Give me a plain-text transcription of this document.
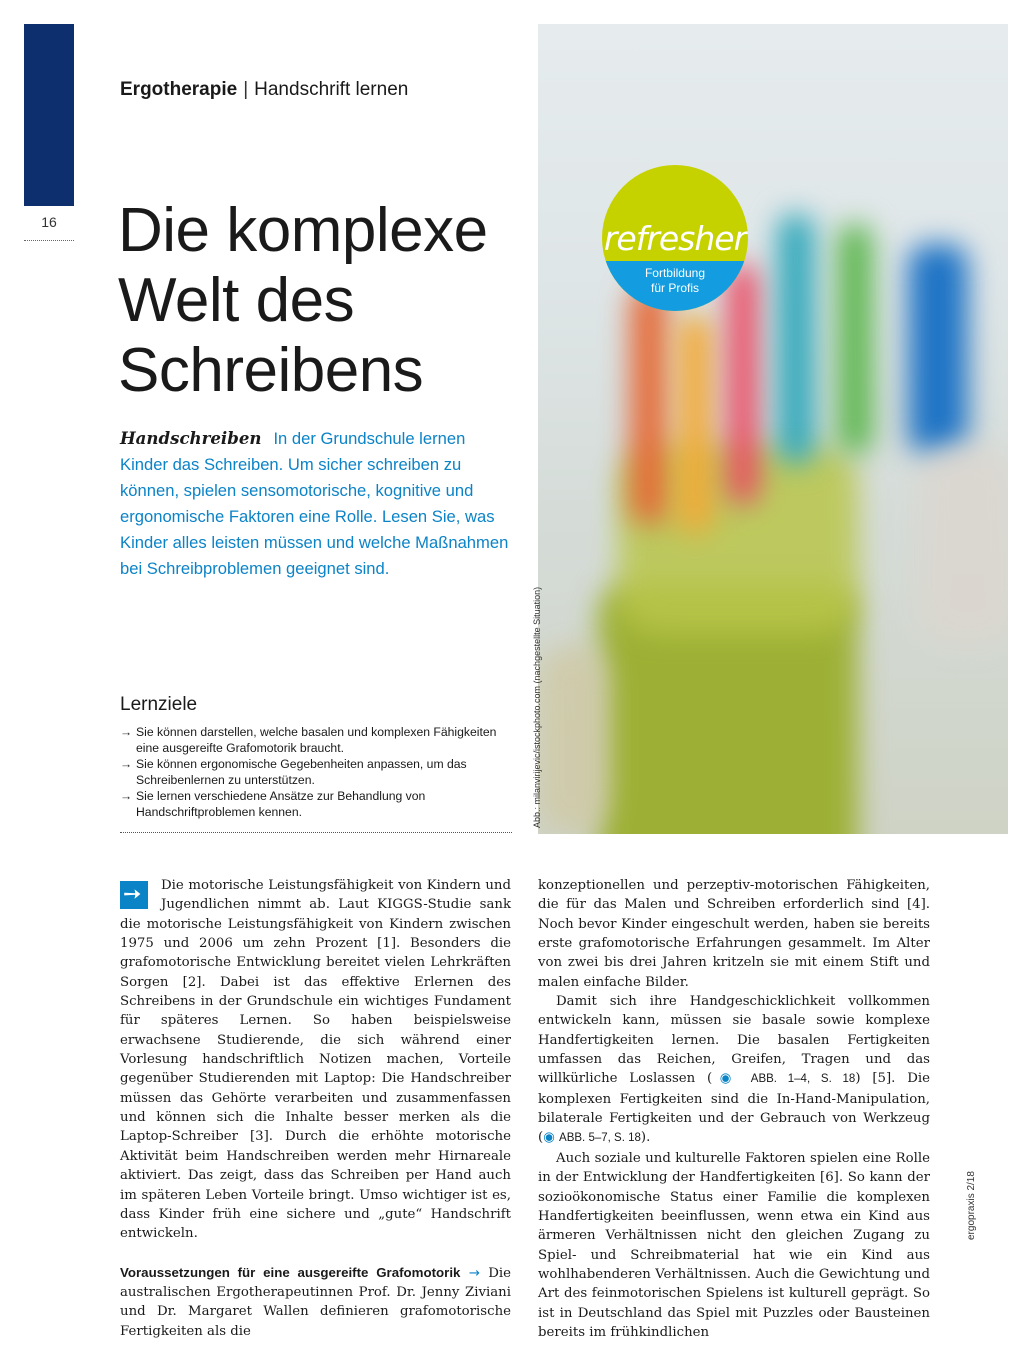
16
Ergotherapie | Handschrift lernen
Die komplexe
Welt des
Schreibens

Handschreiben In der Grundschule lernen Kinder das Schreiben. Um sicher schreiben zu können, spielen sensomotorische, kognitive und ergonomische Faktoren eine Rolle. Lesen Sie, was Kinder alles leisten müssen und welche Maßnahmen bei Schreibproblemen geeignet sind.

Lernziele
→ Sie können darstellen, welche basalen und komplexen Fähigkeiten eine ausgereifte Grafomotorik braucht.
→ Sie können ergonomische Gegebenheiten anpassen, um das Schreibenlernen zu unterstützen.
→ Sie lernen verschiedene Ansätze zur Behandlung von Handschriftproblemen kennen.	Abb.: milanvirijevic/istockphoto.com (nachgestellte Situation)
refresher
Fortbildung
für Profis
➙	Die motorische Leistungsfähigkeit von Kindern und Jugendlichen nimmt ab. Laut KIGGS-Studie sank die motorische Leistungsfähigkeit von Kindern zwischen 1975 und 2006 um zehn Prozent [1]. Besonders die grafomotorische Entwicklung bereitet vielen Lehrkräften Sorgen [2]. Dabei ist das effektive Erlernen des Schreibens in der Grundschule ein wichtiges Fundament für späteres Lernen. So haben beispielsweise erwachsene Studierende, die sich während einer Vorlesung handschriftlich Notizen machen, Vorteile gegenüber Studierenden mit Laptop: Die Handschreiber müssen das Gehörte verarbeiten und zusammenfassen und können sich die Inhalte besser merken als die Laptop-Schreiber [3]. Durch die erhöhte motorische Aktivität beim Handschreiben werden mehr Hirnareale aktiviert. Das zeigt, dass das Schreiben per Hand auch im späteren Leben Vorteile bringt. Umso wichtiger ist es, dass Kinder früh eine sichere und „gute“ Handschrift entwickeln.

Voraussetzungen für eine ausgereifte Grafomotorik → Die australischen Ergotherapeutinnen Prof. Dr. Jenny Ziviani und Dr. Margaret Wallen definieren grafomotorische Fertigkeiten als die

konzeptionellen und perzeptiv-motorischen Fähigkeiten, die für das Malen und Schreiben erforderlich sind [4]. Noch bevor Kinder eingeschult werden, haben sie bereits erste grafomotorische Erfahrungen gesammelt. Im Alter von zwei bis drei Jahren kritzeln sie mit einem Stift und malen einfache Bilder.

Damit sich ihre Handgeschicklichkeit vollkommen entwickeln kann, müssen sie basale sowie komplexe Handfertigkeiten lernen. Die basalen Fertigkeiten umfassen das Reichen, Greifen, Tragen und das willkürliche Loslassen (◉ ABB. 1–4, S. 18) [5]. Die komplexen Fertigkeiten sind die In-Hand-Manipulation, bilaterale Fertigkeiten und der Gebrauch von Werkzeug (◉ ABB. 5–7, S. 18).

Auch soziale und kulturelle Faktoren spielen eine Rolle in der Entwicklung der Handfertigkeiten [6]. So kann der sozioökonomische Status einer Familie die komplexen Handfertigkeiten beeinflussen, wenn etwa ein Kind aus ärmeren Verhältnissen nicht den gleichen Zugang zu Spiel- und Schreibmaterial hat wie ein Kind aus wohlhabenderen Verhältnissen. Auch die Gewichtung und Art des feinmotorischen Spielens ist kulturell geprägt. So ist in Deutschland das Spiel mit Puzzles oder Bausteinen bereits im frühkindlichen

ergopraxis 2/18
